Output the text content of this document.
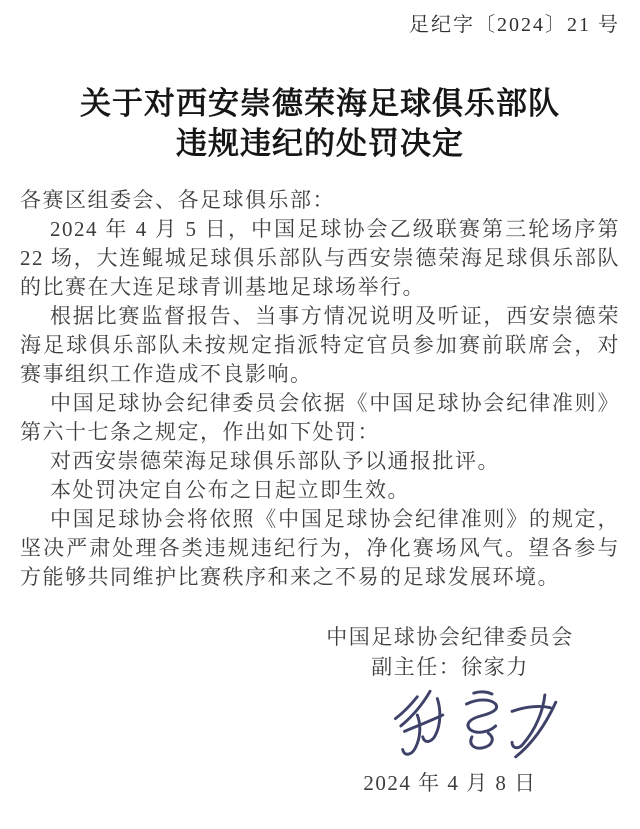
足纪字〔2024〕21 号
关于对西安崇德荣海足球俱乐部队
违规违纪的处罚决定
各赛区组委会、各足球俱乐部：

2024 年 4 月 5 日，中国足球协会乙级联赛第三轮场序第 22 场，大连鲲城足球俱乐部队与西安崇德荣海足球俱乐部队的比赛在大连足球青训基地足球场举行。

根据比赛监督报告、当事方情况说明及听证，西安崇德荣海足球俱乐部队未按规定指派特定官员参加赛前联席会，对赛事组织工作造成不良影响。

中国足球协会纪律委员会依据《中国足球协会纪律准则》第六十七条之规定，作出如下处罚：

对西安崇德荣海足球俱乐部队予以通报批评。

本处罚决定自公布之日起立即生效。

中国足球协会将依照《中国足球协会纪律准则》的规定，坚决严肃处理各类违规违纪行为，净化赛场风气。望各参与方能够共同维护比赛秩序和来之不易的足球发展环境。

中国足球协会纪律委员会
副主任：徐家力
2024 年 4 月 8 日
